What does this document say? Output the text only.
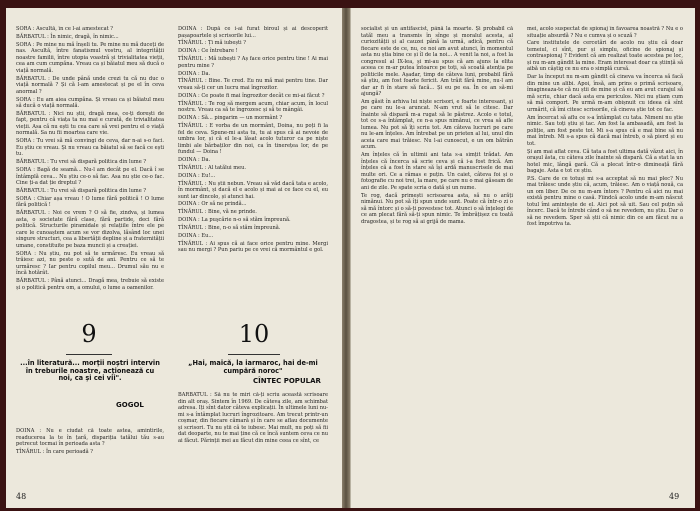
SORA : Ascultă, în ce l-ai amestecat ?

BĂRBATUL : În nimic, dragă, în nimic...

SORA : Pe mine nu mă înșeli tu. Pe mine nu mă duceți de nas. Ascultă, între fanatismul vostru, al integrității noastre familii, între utopia voastră și trivialitatea vieții, cea am cum cumpăna. Vreau ca și băiatul meu să ducă o viață normală.

BĂRBATUL : De unde până unde crezi tu că nu duc o viață normală ? Și că l-am amestecat și pe el în ceva anormal ?

SORA : Eu am aiea cumpăna. Și vreau ca și băiatul meu să ducă o viață normală.

BĂRBATUL : Nici nu știi, dragă mea, ce-ți dorești de fapt, pentru că viața ta nu mai e curată, de trivialitatea vieții. Asa că nu ești tu cea care să vrei pentru el o viață normală. Sa nu fii moartea care vie.

SORA : Tu vrei să mă convingi de ceva, dar n-ai s-o faci. Eu știu ce vreau. Și nu vreau ca băiatul să se facă ce ești tu.

BĂRBATUL : Tu vrei să dispară politica din lume ?

SORA : Bagă de seamă... Nu-l am decât pe el. Dacă î se întâmplă ceva... Nu știu ce-o să fac. Asa nu știe ce-o fac. Cine ți-a dat ție dreptul ?

BĂRBATUL : Tu vrei să dispară politica din lume ?

SORA : Chiar așa vreau ! O lume fără politică ! O lume fără politică !

BĂRBATUL : Noi ce vrem ? O să fie, zindva, și lumea asta, o societate fără clase, fără partide, deci fără politică. Structurile piramidale și relațiile între ele pe care le cunoaștem acum se vor dizolva, lăsând loc unei singure structuri, cea a libertății depline și a fraternității umane, constituite pe baza muncii și a creației.

SORA : Nu știu, nu pot să te urmăresc. Eu vreau să trăiesc azi, nu peste o sută de ani. Pentru ce să te urmăresc ? Iar pentru copilul meu... Drumul său nu e încă hotărât.

BĂRBATUL : Până atunci... Dragă mea, trebuie să existe și o politică pentru om, a omului, o lume a oamenilor.

DOINA : După ce i-ai furat biroul și ai descoperit pașapoartele și scrisorile lui...

TÎNĂRUL : Ți mă iubești ?

DOINA : Ce întrebare !

TÎNĂRUL : Mă iubești ? Aș face orice pentru tine ! Ai mai pentru mine ?

DOINA : Da.

TÎNĂRUL : Bine. Te cred. Eu nu mă mai pentru tine. Dar vreau să-ți cer un lucru mai îngrozitor.

DOINA : Ce poate fi mai îngrozitor decât ce mi-ai făcut ?

TÎNĂRUL : Te rog să mergem acum, chiar acum, în locul nostru. Vreau ca să te îngrozesc și să te mângâi.

DOINA : Să... pingarim — un mormânt ?

TÎNĂRUL : E vorba de un mormânt, Doina, nu poți fi la fel de ceva. Spune-mi asta tu, tu ai spus că ai nevoie de umbra lor, și că el le-a lăsat acolo tuturor ca pe niște limbi ale bărbaților din noi, ca în tinerețea lor, de pe fundul — Doina !

DOINA : Da.

TÎNĂRUL : Al tatălui meu.

DOINA : Eu!...

TÎNĂRUL : Nu știi nebun. Vreau să văd dacă tata e acolo, în mormânt, și dacă el e acolo și mai ai ce face cu el, eu sunt iar dincolo, și atunci hai.

DOINA : Or să ne prindă...

TÎNĂRUL : Bine, vă ne prinde.

DOINA : La puşcărie n-o să stăm împreună.

TÎNĂRUL : Bine, n-o să stăm împreună.

DOINA : Eu...

TÎNĂRUL : Ai spus că ai face orice pentru mine. Mergi sau nu mergi ? Pun pariu pe ce vrei că mormântul e gol.

9
...în literatură... morții noștri intervin în treburile noastre, acționează cu noi, ca și cei vii".
GOGOL

DOINA : Nu e ciudat că toate astea, amintirile, readucerea la te în țară, dispariția tatălui tău s-au petrecut tocmai în perioada asta ?

TÎNĂRUL : În care perioadă ?

10
„Hai, maică, la iarmaroc, hai de-mi cumpără noroc"
CÎNTEC POPULAR

BĂRBATUL : Să nu te miri că-ți scriu această scrisoare din alt oraș. Sintem în 1969. De câteva zile, am schimbat adresa. Iți sînt dator câteva explicații. În ultimele luni nu-mi s-a întâmplat lucruri îngrozitoare. Am trecut printr-un coșmar, din fiecare cămară și în care se aflau documente și scrisori. Tu nu știi că te iubesc. Mai mult, nu poți să fii dat deoparte, nu te mai ține că ce încă suntem ceva ce nu ai făcut. Părinții mei au făcut din mine ceea ce sînt, ce

48

socialist și un antifascist, până la moarte. Și probabil că tatăl meu a transmis în sînge și moralul acesta, al curiozității și al cauzei până la urmă, adică, pentru că fiecare este de ce, nu, ce noi am avut atunci, în momentul asta nu știa bine ce și îl de la noi... A venit la noi, a fost la congresul al IX-lea, și mi-au spus că am ajuns la elita aceea ce m-ar putea întoarce pe toți, să scoată atenția pe politicile mele. Așadar, timp de câteva luni, probabil fără să știu, am fost foarte fericit. Am trăit fără mine, nu-l am dar ar fi în stare să facă... Și eu pe ea. În ce an să-mi ajungă?

Am găsit în arhiva lui niște scrisori, e foarte interesant, și pe care nu le-a aruncat. N-am vrut să le citesc. Dar înainte să dispară m-a rugat să le păstrez. Acolo e totul, tot ce s-a întâmplat, ce n-a spus nimănui, ce vrea să afle lumea. Nu pot să îți scriu tot. Am câteva lucruri pe care nu le-am înțeles. Am întrebat pe un prieten al lui, unul din aceia care mai trăiesc. Nu l-ai cunoscut, e un om bătrân acum.

Am înțeles că în ultimii ani tata s-a simțit trădat. Am înțeles că încerca să scrie ceva și că i-a fost frică. Am înțeles că a fost în stare să își ardă manuscrisele de mai multe ori. Ce a rămas e puțin. Un caiet, câteva foi și o fotografie cu noi trei, la mare, pe care nu o mai găseam de ani de zile. Pe spate scria o dată și un nume.

Te rog, dacă primești scrisoarea asta, să nu o arăți nimănui. Nu pot să îți spun unde sunt. Poate că într-o zi o să mă întorc și o să-ți povestesc tot. Atunci o să înțelegi de ce am plecat fără să-ți spun nimic. Te îmbrățișez cu toată dragostea, și te rog să ai grijă de mama.

mei, acolo suspectat de spionaj în favoarea noastră ? Nu e o situație absurdă ? Nu e cumva și o scuză ?

Care institutele de cercetări de acolo nu știu că doar temeiul, ci sînt, pur și simplu, oficine de spionaj și contraspionaj ? Evident că am realizat toate acestea pe loc, și nu m-am gândit la mine. Eram interesat doar ca știință să aibă un câștig ce nu era o simplă cursă.

Dar la început nu m-am gândit că cineva va încerca să facă din mine un alibi. Apoi, însă, am prins o primă scrisoare, îmagineaza-te că nu știi de mine și că eu am avut curajul să mă scriu, chiar dacă asta era periculos. Nici nu știam cum să mă comport. Pe urmă m-am obișnuit cu ideea că sînt urmărit, că îmi citesc scrisorile, că cineva știe tot ce fac.

Am încercat să aflu ce s-a întâmplat cu tata. Nimeni nu știe nimic. Sau toți știu și tac. Am fost la ambasadă, am fost la poliție, am fost peste tot. Mi s-a spus că e mai bine să nu mai întreb. Mi s-a spus că dacă mai întreb, o să pierd și eu tot.

Și am mai aflat ceva. Că tata a fost ultima dată văzut aici, în orașul ăsta, cu câteva zile înainte să dispară. Că a stat la un hotel mic, lângă gară. Că a plecat într-o dimineață fără bagaje. Asta e tot ce știu.

P.S. Care de ce totuși mi s-a acceptat să nu mai plec? Nu mai trăiesc unde știu că, acum, trăiesc. Am o viață nouă, ca un om liber. De ce nu m-am întors ? Pentru că aici nu mai există pentru mine o casă. Fiindcă acolo unde m-am născut totul îmi amintește de el. Aici pot să uit. Sau cel puțin să încerc. Dacă te întrebi când o să ne revedem, nu știu. Dar o să ne revedem. Sper să știi că nimic din ce am făcut nu a fost împotriva ta.

49
